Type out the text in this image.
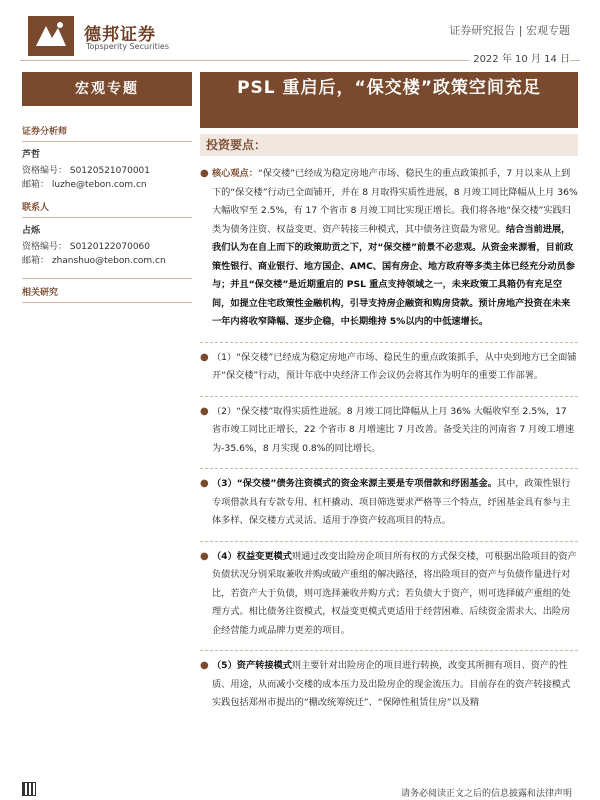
德邦证券
Topsperity Securities
证券研究报告 | 宏观专题
2022 年 10 月 14 日
宏观专题	PSL 重启后，“保交楼”政策空间充足
证券分析师
芦哲
资格编号： S0120521070001
邮箱： luzhe@tebon.com.cn
联系人
占烁
资格编号： S0120122070060
邮箱： zhanshuo@tebon.com.cn
相关研究
投资要点：
● 核心观点：“保交楼”已经成为稳定房地产市场、稳民生的重点政策抓手，7 月以来从上到下的“保交楼”行动已全面铺开，并在 8 月取得实质性进展，8 月竣工同比降幅从上月 36% 大幅收窄至 2.5%，有 17 个省市 8 月竣工同比实现正增长。我们将各地“保交楼”实践归类为债务注资、权益变更、资产转接三种模式，其中债务注资最为常见。结合当前进展，我们认为在自上而下的政策助贡之下，对“保交楼”前景不必悲观。从资金来源看，目前政策性银行、商业银行、地方国企、AMC、国有房企、地方政府等多类主体已经充分动员参与；并且“保交楼”是近期重启的 PSL 重点支持领域之一，未来政策工具箱仍有充足空间，如提立住宅政策性金融机构，引导支持房企融资和购房贷款。预计房地产投资在未来一年内将收窄降幅、逐步企稳，中长期维持 5%以内的中低速增长。
● （1）“保交楼”已经成为稳定房地产市场、稳民生的重点政策抓手，从中央到地方已全面铺开“保交楼”行动，预计年底中央经济工作会议仍会将其作为明年的重要工作部署。
● （2）“保交楼”取得实质性进展。8 月竣工同比降幅从上月 36% 大幅收窄至 2.5%，17 省市竣工同比正增长，22 个省市 8 月增速比 7 月改善。备受关注的河南省 7 月竣工增速为-35.6%，8 月实现 0.8%的同比增长。
● （3）“保交楼”债务注资模式的资金来源主要是专项借款和纾困基金。其中，政策性银行专项借款具有专款专用、杠杆撬动、项目筛选要求严格等三个特点，纾困基金具有参与主体多样、保交楼方式灵活、适用于净资产较高项目的特点。
● （4）权益变更模式则通过改变出险房企项目所有权的方式保交楼，可根据出险项目的资产负债状况分别采取兼收并购或破产重组的解决路径，将出险项目的资产与负债作量进行对比，若资产大于负债，则可选择兼收并购方式；若负债大于资产，则可选择破产重组的处理方式。相比债务注资模式，权益变更模式更适用于经营困难、后续资金需求大、出险房企经营能力或品牌力更差的项目。
● （5）资产转接模式则主要针对出险房企的项目进行转换，改变其所拥有项目、资产的性质、用途，从而减小交楼的成本压力及出险房企的现金流压力。目前存在的资产转接模式实践包括郑州市提出的“棚改统筹统迁”、“保障性租赁住房”以及精
请务必阅读正文之后的信息披露和法律声明
